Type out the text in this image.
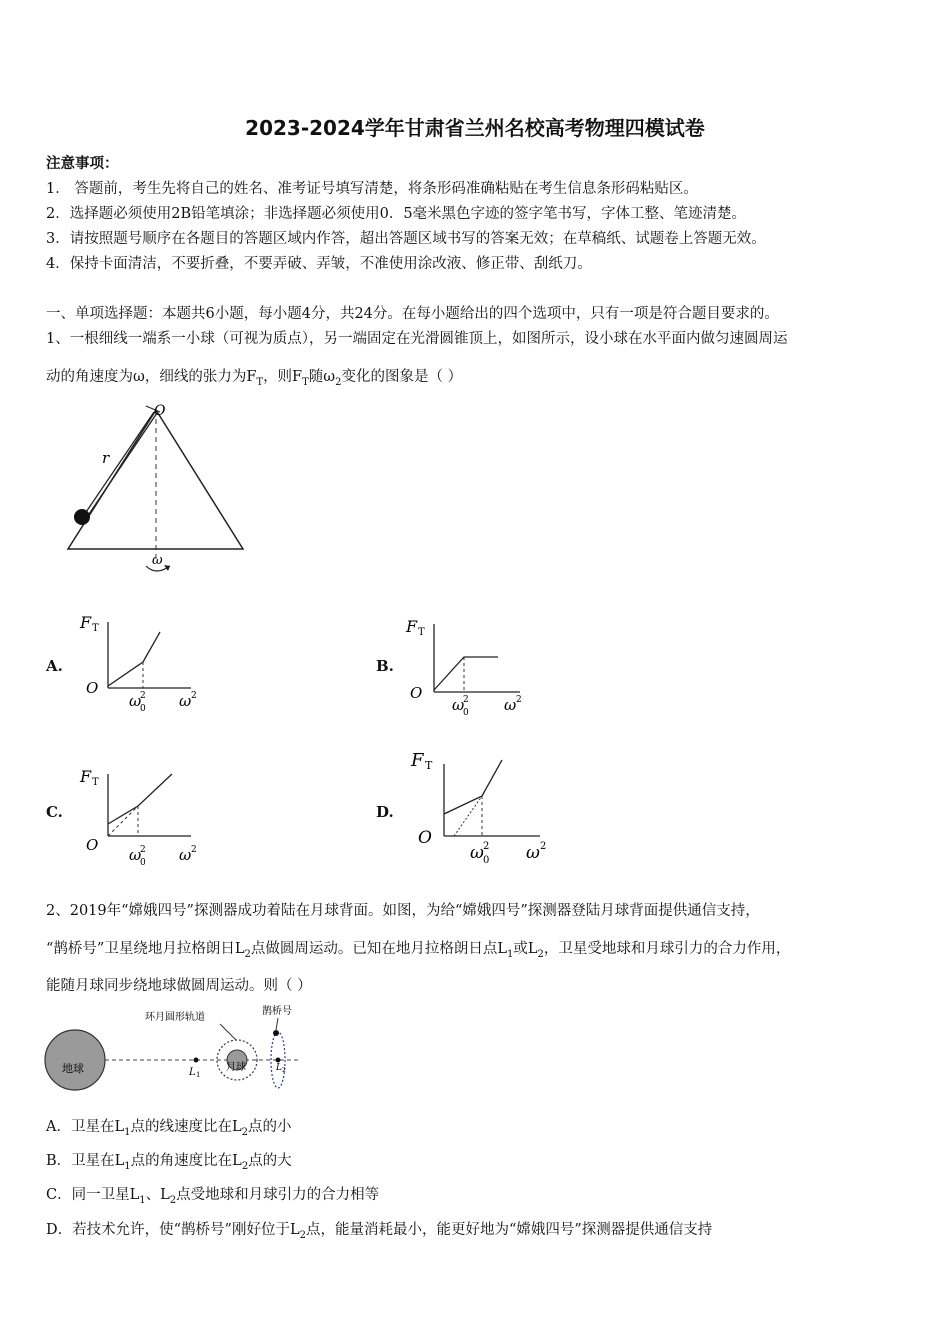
2023-2024学年甘肃省兰州名校高考物理四模试卷
注意事项：
1． 答题前，考生先将自己的姓名、准考证号填写清楚，将条形码准确粘贴在考生信息条形码粘贴区。
2．选择题必须使用2B铅笔填涂；非选择题必须使用0．5毫米黑色字迹的签字笔书写，字体工整、笔迹清楚。
3．请按照题号顺序在各题目的答题区域内作答，超出答题区域书写的答案无效；在草稿纸、试题卷上答题无效。
4．保持卡面清洁，不要折叠，不要弄破、弄皱，不准使用涂改液、修正带、刮纸刀。
一、单项选择题：本题共6小题，每小题4分，共24分。在每小题给出的四个选项中，只有一项是符合题目要求的。
1、一根细线一端系一小球（可视为质点），另一端固定在光滑圆锥顶上，如图所示，设小球在水平面内做匀速圆周运
动的角速度为ω，细线的张力为$F_T$，则$F_T$随$\omega_2$变化的图象是（ ）
O
r
ω
A.
F T
O
ω
0
2 ω 2
B.
F T
O
ω
0
2 ω 2
C.
F T
O
ω
0
2 ω 2
D.
F T
O
ω 0
2 ω 2
2、2019年“嫦娥四号”探测器成功着陆在月球背面。如图，为给“嫦娥四号”探测器登陆月球背面提供通信支持，
“鹊桥号”卫星绕地月拉格朗日$L_2$点做圆周运动。已知在地月拉格朗日点$L_1$或$L_2$，卫星受地球和月球引力的合力作用，
能随月球同步绕地球做圆周运动。则（ ）
地球	L 1
月球
环月圆形轨道
鹊桥号
L 2
A．卫星在$L_1$点的线速度比在$L_2$点的小
B．卫星在$L_1$点的角速度比在$L_2$点的大
C．同一卫星$L_1$、$L_2$点受地球和月球引力的合力相等
D．若技术允许，使“鹊桥号”刚好位于$L_2$点，能量消耗最小，能更好地为“嫦娥四号”探测器提供通信支持
